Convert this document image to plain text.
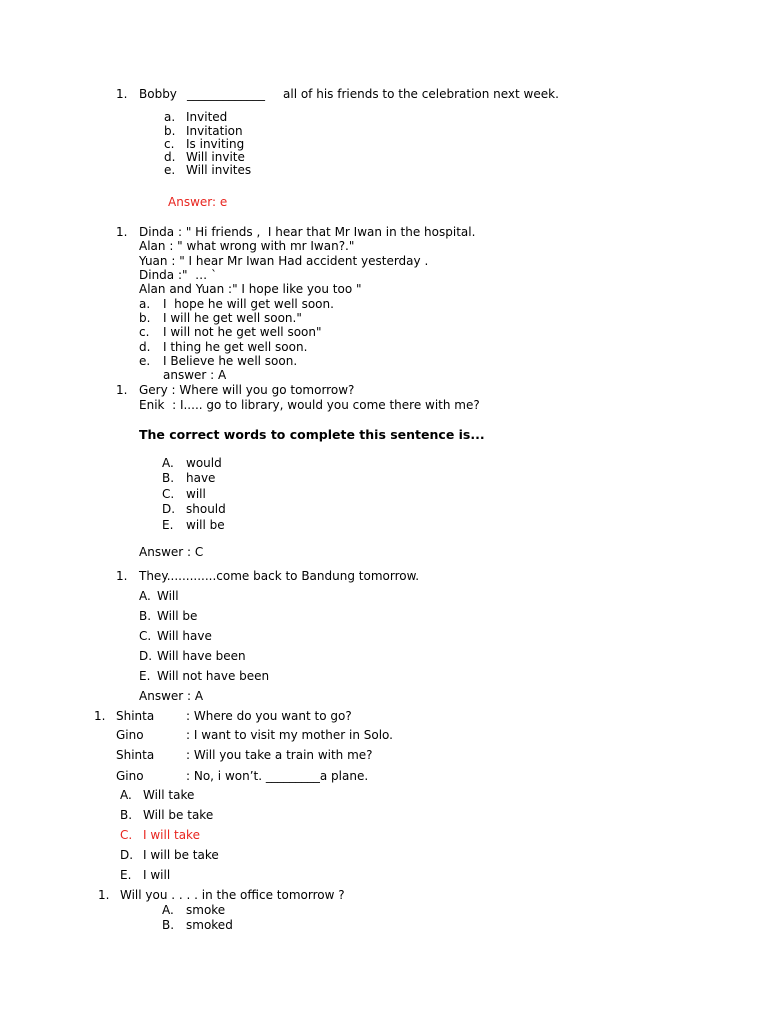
1. Bobby _____________ all of his friends to the celebration next week.
a. Invited
b. Invitation
c. Is inviting
d. Will invite
e. Will invites
Answer: e
1. Dinda : " Hi friends ,  I hear that Mr Iwan in the hospital.
Alan : " what wrong with mr Iwan?."
Yuan : " I hear Mr Iwan Had accident yesterday .
Dinda :"  … `
Alan and Yuan :" I hope like you too "
a. I  hope he will get well soon.
b. I will he get well soon."
c. I will not he get well soon"
d. I thing he get well soon.
e. I Believe he well soon.
answer : A
1. Gery : Where will you go tomorrow?
Enik  : I..... go to library, would you come there with me?
The correct words to complete this sentence is...
A. would
B. have
C. will
D. should
E. will be
Answer : C
1. They.............come back to Bandung tomorrow.
A. Will
B. Will be
C. Will have
D. Will have been
E. Will not have been
Answer : A
1. Shinta	: Where do you want to go?
Gino	: I want to visit my mother in Solo.
Shinta	: Will you take a train with me?
Gino	: No, i won’t. _________a plane.
A. Will take
B. Will be take
C. I will take
D. I will be take
E. I will
1. Will you . . . . in the office tomorrow ?
A. smoke
B. smoked
